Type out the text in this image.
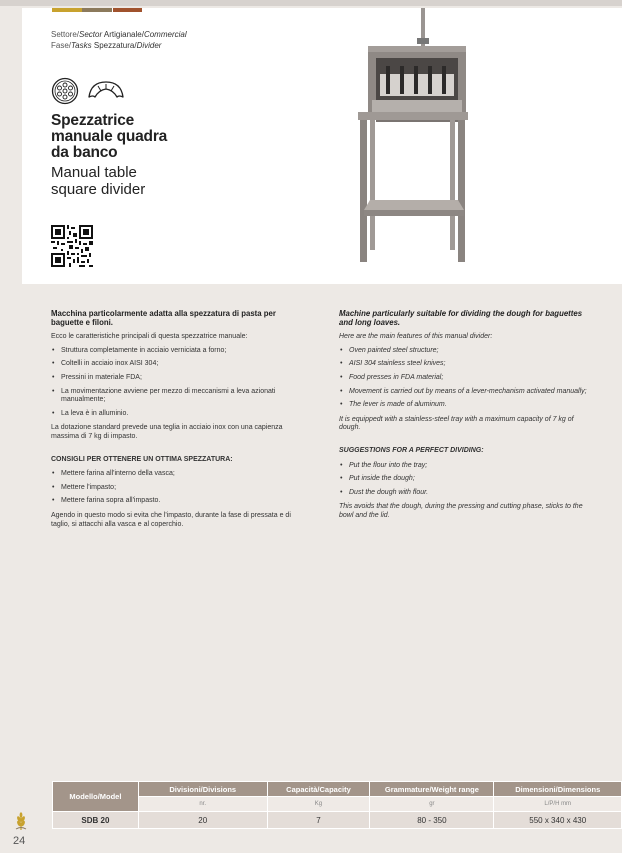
Settore/Sector Artigianale/Commercial
Fase/Tasks Spezzatura/Divider
Spezzatrice
manuale quadra
da banco
Manual table
square divider
Macchina particolarmente adatta alla spezzatura di pasta per baguette e filoni.

Ecco le caratteristiche principali di questa spezzatrice manuale:

• Struttura completamente in acciaio verniciata a forno;
• Coltelli in acciaio inox AISI 304;
• Pressini in materiale FDA;
• La movimentazione avviene per mezzo di meccanismi a leva azionati manualmente;
• La leva è in alluminio.

La dotazione standard prevede una teglia in acciaio inox con una capienza massima di 7 kg di impasto.

CONSIGLI PER OTTENERE UN OTTIMA SPEZZATURA:
• Mettere farina all'interno della vasca;
• Mettere l'impasto;
• Mettere farina sopra all'impasto.

Agendo in questo modo si evita che l'impasto, durante la fase di pressata e di taglio, si attacchi alla vasca e al coperchio.

Machine particularly suitable for dividing the dough for baguettes and long loaves.

Here are the main features of this manual divider:

• Oven painted steel structure;
• AISI 304 stainless steel knives;
• Food presses in FDA material;
• Movement is carried out by means of a lever-mechanism activated manually;
• The lever is made of aluminum.

It is equippedt with a stainless-steel tray with a maximum capacity of 7 kg of dough.

SUGGESTIONS FOR A PERFECT DIVIDING:
• Put the flour into the tray;
• Put inside the dough;
• Dust the dough with flour.

This avoids that the dough, during the pressing and cutting phase, sticks to the bowl and the lid.

Modello/Model	Divisioni/Divisions	Capacità/Capacity	Grammature/Weight range	Dimensioni/Dimensions
	nr.	Kg	gr	L/P/H mm
SDB 20	20	7	80 - 350	550 x 340 x 430
24
